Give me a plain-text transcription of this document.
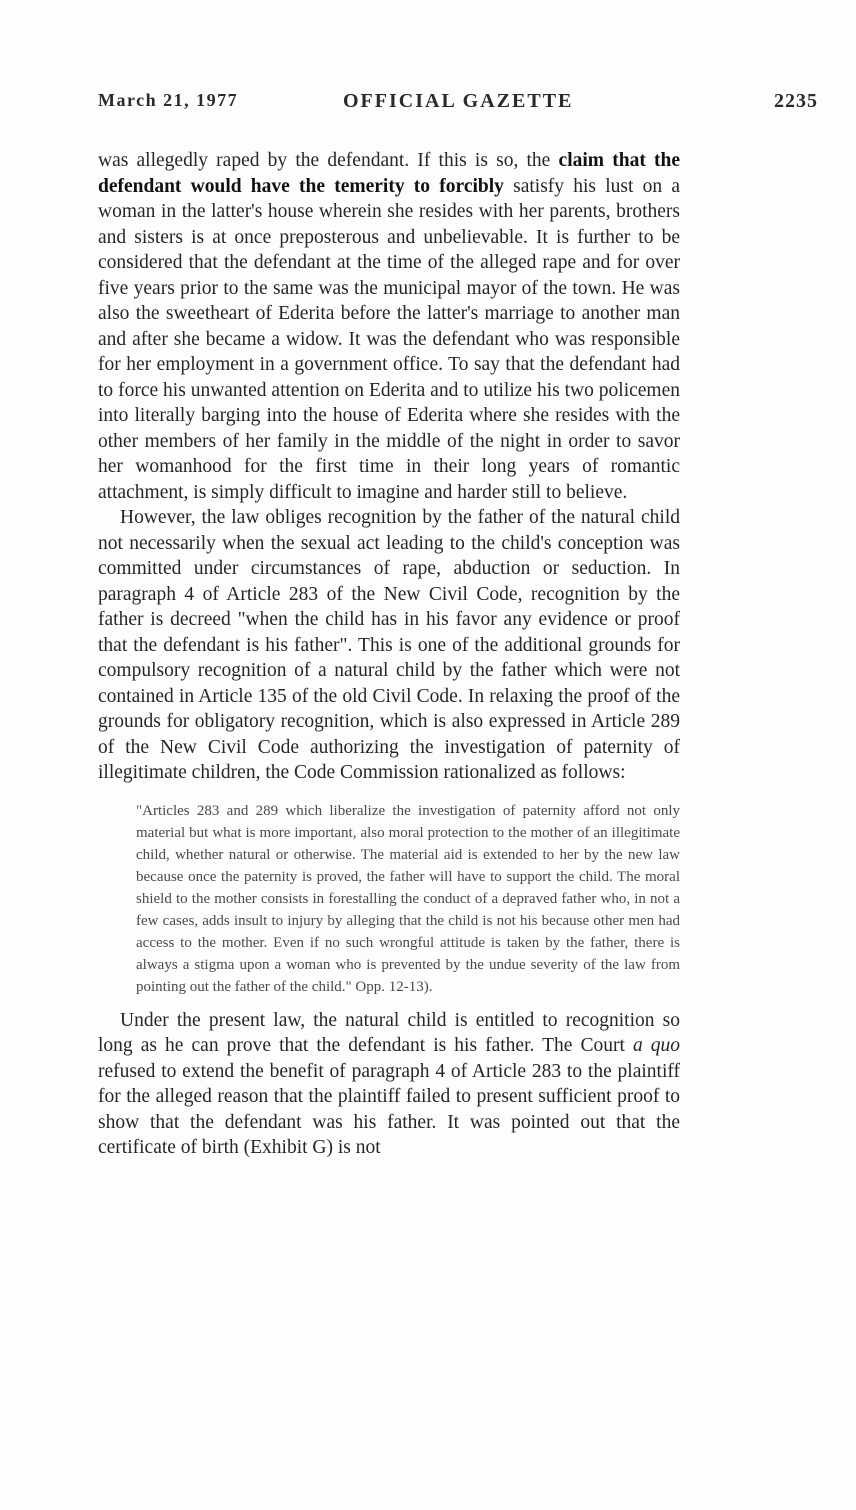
March 21, 1977	OFFICIAL GAZETTE	2235

was allegedly raped by the defendant. If this is so, the claim that the defendant would have the temerity to forcibly satisfy his lust on a woman in the latter's house wherein she resides with her parents, brothers and sisters is at once preposterous and unbelievable. It is further to be considered that the defendant at the time of the alleged rape and for over five years prior to the same was the municipal mayor of the town. He was also the sweetheart of Ederita before the latter's marriage to another man and after she became a widow. It was the defendant who was responsible for her employment in a government office. To say that the defendant had to force his unwanted attention on Ederita and to utilize his two policemen into literally barging into the house of Ederita where she resides with the other members of her family in the middle of the night in order to savor her womanhood for the first time in their long years of romantic attachment, is simply difficult to imagine and harder still to believe.

However, the law obliges recognition by the father of the natural child not necessarily when the sexual act leading to the child's conception was committed under circumstances of rape, abduction or seduction. In paragraph 4 of Article 283 of the New Civil Code, recognition by the father is decreed "when the child has in his favor any evidence or proof that the defendant is his father". This is one of the additional grounds for compulsory recognition of a natural child by the father which were not contained in Article 135 of the old Civil Code. In relaxing the proof of the grounds for obligatory recognition, which is also expressed in Article 289 of the New Civil Code authorizing the investigation of paternity of illegitimate children, the Code Commission rationalized as follows:

"Articles 283 and 289 which liberalize the investigation of paternity afford not only material but what is more important, also moral protection to the mother of an illegitimate child, whether natural or otherwise. The material aid is extended to her by the new law because once the paternity is proved, the father will have to support the child. The moral shield to the mother consists in forestalling the conduct of a depraved father who, in not a few cases, adds insult to injury by alleging that the child is not his because other men had access to the mother. Even if no such wrongful attitude is taken by the father, there is always a stigma upon a woman who is prevented by the undue severity of the law from pointing out the father of the child." Opp. 12-13).

Under the present law, the natural child is entitled to recognition so long as he can prove that the defendant is his father. The Court a quo refused to extend the benefit of paragraph 4 of Article 283 to the plaintiff for the alleged reason that the plaintiff failed to present sufficient proof to show that the defendant was his father. It was pointed out that the certificate of birth (Exhibit G) is not
